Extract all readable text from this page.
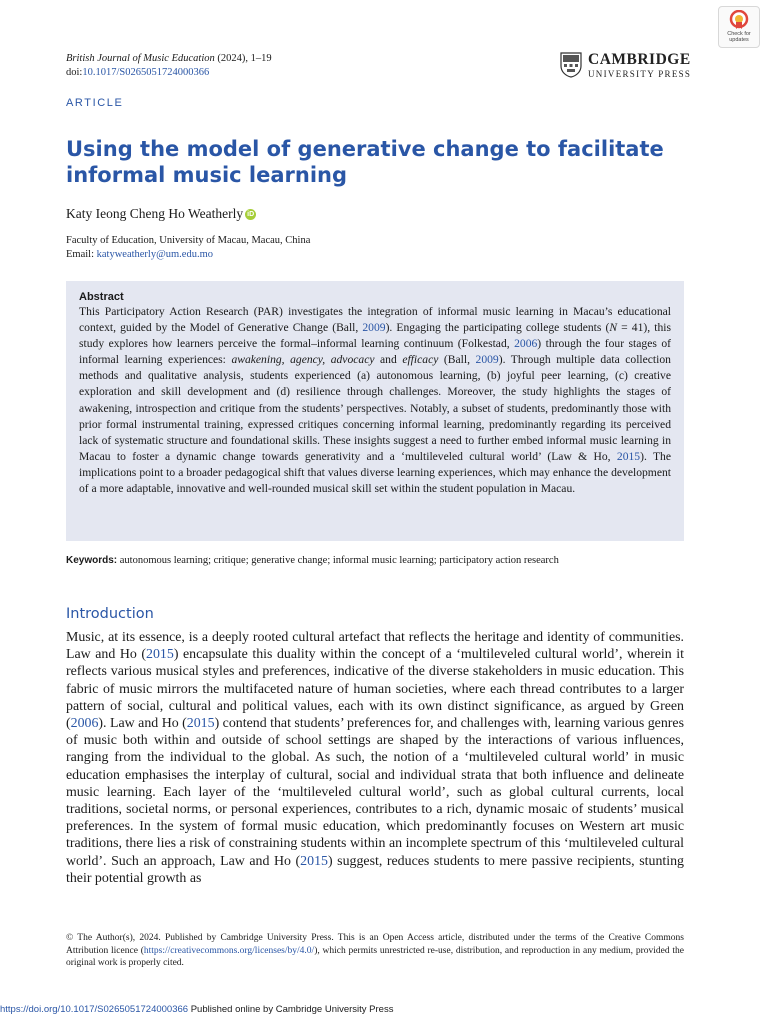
British Journal of Music Education (2024), 1–19
doi:10.1017/S0265051724000366
CAMBRIDGE
UNIVERSITY PRESS
Check for updates
ARTICLE
Using the model of generative change to facilitate informal music learning
Katy Ieong Cheng Ho Weatherly iD
Faculty of Education, University of Macau, Macau, China
Email: katyweatherly@um.edu.mo
Abstract
This Participatory Action Research (PAR) investigates the integration of informal music learning in Macau’s educational context, guided by the Model of Generative Change (Ball, 2009). Engaging the participating college students (N = 41), this study explores how learners perceive the formal–informal learning continuum (Folkestad, 2006) through the four stages of informal learning experiences: awakening, agency, advocacy and efficacy (Ball, 2009). Through multiple data collection methods and qualitative analysis, students experienced (a) autonomous learning, (b) joyful peer learning, (c) creative exploration and skill development and (d) resilience through challenges. Moreover, the study highlights the stages of awakening, introspection and critique from the students’ perspectives. Notably, a subset of students, predominantly those with prior formal instrumental training, expressed critiques concerning informal learning, predominantly regarding its perceived lack of systematic structure and foundational skills. These insights suggest a need to further embed informal music learning in Macau to foster a dynamic change towards generativity and a ‘multileveled cultural world’ (Law & Ho, 2015). The implications point to a broader pedagogical shift that values diverse learning experiences, which may enhance the development of a more adaptable, innovative and well-rounded musical skill set within the student population in Macau.
Keywords: autonomous learning; critique; generative change; informal music learning; participatory action research
Introduction

Music, at its essence, is a deeply rooted cultural artefact that reflects the heritage and identity of communities. Law and Ho (2015) encapsulate this duality within the concept of a ‘multileveled cultural world’, wherein it reflects various musical styles and preferences, indicative of the diverse stakeholders in music education. This fabric of music mirrors the multifaceted nature of human societies, where each thread contributes to a larger pattern of social, cultural and political values, each with its own distinct significance, as argued by Green (2006). Law and Ho (2015) contend that students’ preferences for, and challenges with, learning various genres of music both within and outside of school settings are shaped by the interactions of various influences, ranging from the individual to the global. As such, the notion of a ‘multileveled cultural world’ in music education emphasises the interplay of cultural, social and individual strata that both influence and delineate music learning. Each layer of the ‘multileveled cultural world’, such as global cultural currents, local traditions, societal norms, or personal experiences, contributes to a rich, dynamic mosaic of students’ musical preferences. In the system of formal music education, which predominantly focuses on Western art music traditions, there lies a risk of constraining students within an incomplete spectrum of this ‘multileveled cultural world’. Such an approach, Law and Ho (2015) suggest, reduces students to mere passive recipients, stunting their potential growth as

© The Author(s), 2024. Published by Cambridge University Press. This is an Open Access article, distributed under the terms of the Creative Commons Attribution licence (https://creativecommons.org/licenses/by/4.0/), which permits unrestricted re-use, distribution, and reproduction in any medium, provided the original work is properly cited.
https://doi.org/10.1017/S0265051724000366 Published online by Cambridge University Press
